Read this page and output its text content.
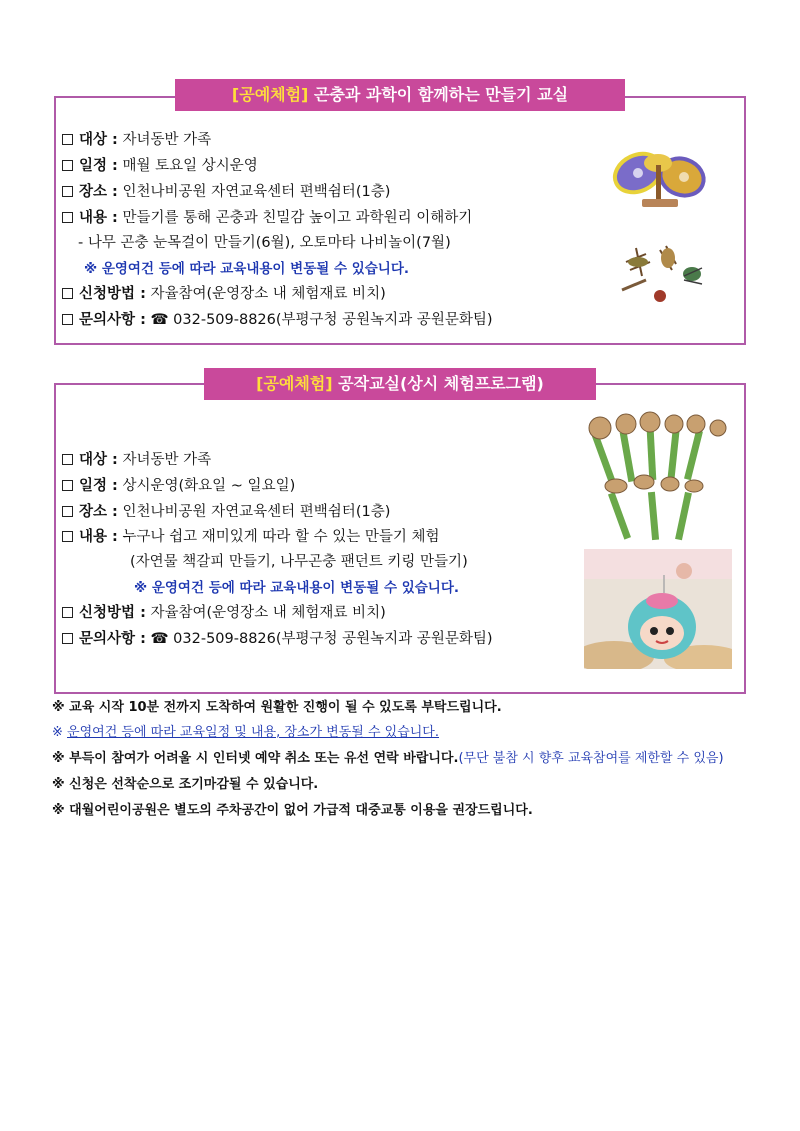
[공예체험] 곤충과 과학이 함께하는 만들기 교실
대상 : 자녀동반 가족
일정 : 매월 토요일 상시운영
장소 : 인천나비공원 자연교육센터 편백쉼터(1층)
내용 : 만들기를 통해 곤충과 친밀감 높이고 과학원리 이해하기
- 나무 곤충 눈목걸이 만들기(6월), 오토마타 나비놀이(7월)
※ 운영여건 등에 따라 교육내용이 변동될 수 있습니다.
신청방법 : 자율참여(운영장소 내 체험재료 비치)
문의사항 : ☎ 032-509-8826(부평구청 공원녹지과 공원문화팀)
[공예체험] 공작교실(상시 체험프로그램)
대상 : 자녀동반 가족
일정 : 상시운영(화요일 ~ 일요일)
장소 : 인천나비공원 자연교육센터 편백쉼터(1층)
내용 : 누구나 쉽고 재미있게 따라 할 수 있는 만들기 체험
(자연물 책갈피 만들기, 나무곤충 팬던트 키링 만들기)
※ 운영여건 등에 따라 교육내용이 변동될 수 있습니다.
신청방법 : 자율참여(운영장소 내 체험재료 비치)
문의사항 : ☎ 032-509-8826(부평구청 공원녹지과 공원문화팀)
※ 교육 시작 10분 전까지 도착하여 원활한 진행이 될 수 있도록 부탁드립니다.
※ 운영여건 등에 따라 교육일정 및 내용, 장소가 변동될 수 있습니다.
※ 부득이 참여가 어려울 시 인터넷 예약 취소 또는 유선 연락 바랍니다.(무단 불참 시 향후 교육참여를 제한할 수 있음)
※ 신청은 선착순으로 조기마감될 수 있습니다.
※ 대월어린이공원은 별도의 주차공간이 없어 가급적 대중교통 이용을 권장드립니다.
